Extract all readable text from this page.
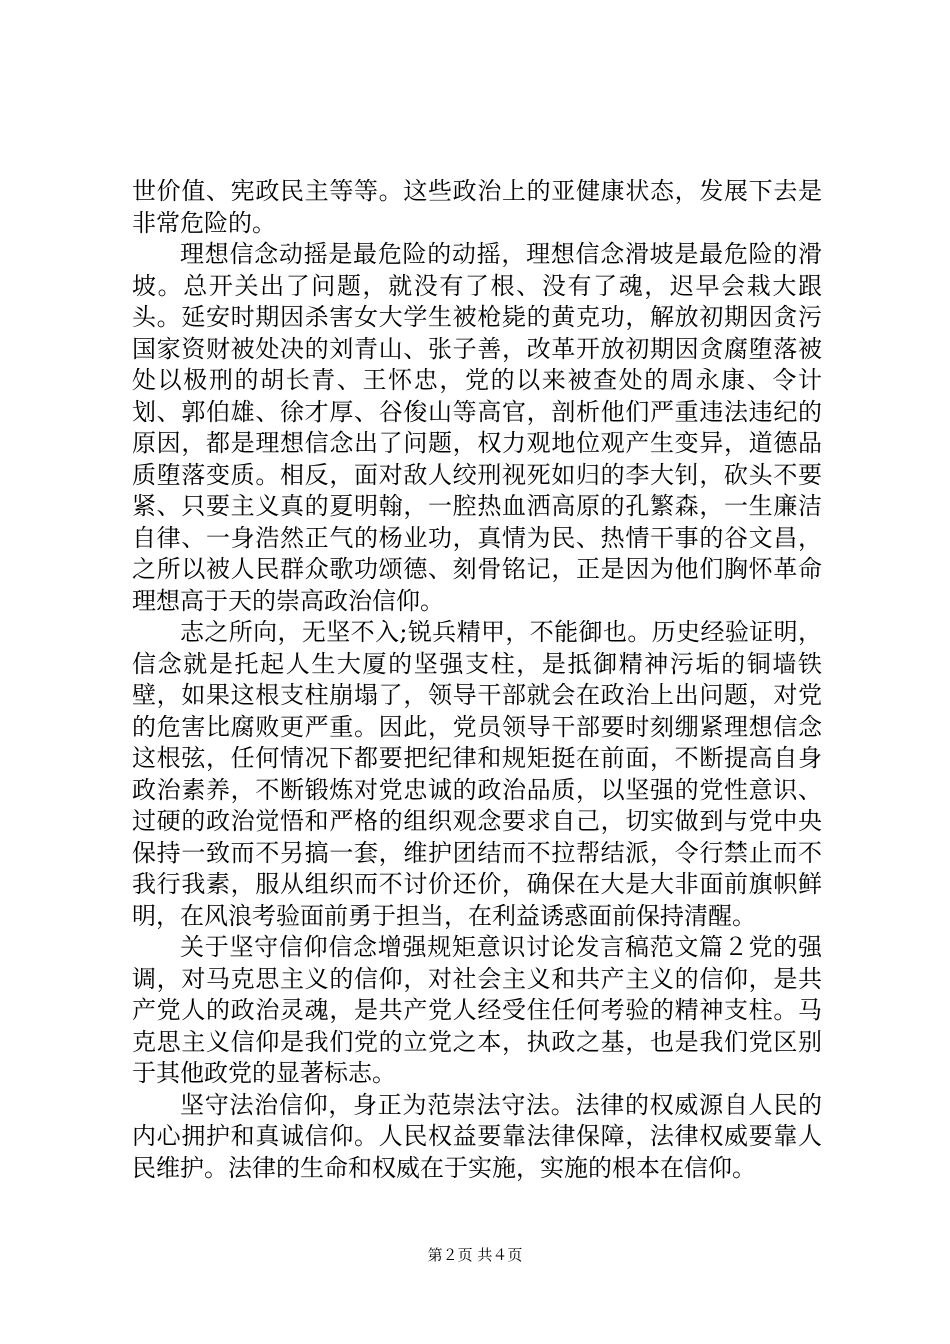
世价值、宪政民主等等。这些政治上的亚健康状态，发展下去是非常危险的。

理想信念动摇是最危险的动摇，理想信念滑坡是最危险的滑坡。总开关出了问题，就没有了根、没有了魂，迟早会栽大跟头。延安时期因杀害女大学生被枪毙的黄克功，解放初期因贪污国家资财被处决的刘青山、张子善，改革开放初期因贪腐堕落被处以极刑的胡长青、王怀忠，党的以来被查处的周永康、令计划、郭伯雄、徐才厚、谷俊山等高官，剖析他们严重违法违纪的原因，都是理想信念出了问题，权力观地位观产生变异，道德品质堕落变质。相反，面对敌人绞刑视死如归的李大钊，砍头不要紧、只要主义真的夏明翰，一腔热血洒高原的孔繁森，一生廉洁自律、一身浩然正气的杨业功，真情为民、热情干事的谷文昌，之所以被人民群众歌功颂德、刻骨铭记，正是因为他们胸怀革命理想高于天的崇高政治信仰。

志之所向，无坚不入;锐兵精甲，不能御也。历史经验证明，信念就是托起人生大厦的坚强支柱，是抵御精神污垢的铜墙铁壁，如果这根支柱崩塌了，领导干部就会在政治上出问题，对党的危害比腐败更严重。因此，党员领导干部要时刻绷紧理想信念这根弦，任何情况下都要把纪律和规矩挺在前面，不断提高自身政治素养，不断锻炼对党忠诚的政治品质，以坚强的党性意识、过硬的政治觉悟和严格的组织观念要求自己，切实做到与党中央保持一致而不另搞一套，维护团结而不拉帮结派，令行禁止而不我行我素，服从组织而不讨价还价，确保在大是大非面前旗帜鲜明，在风浪考验面前勇于担当，在利益诱惑面前保持清醒。

关于坚守信仰信念增强规矩意识讨论发言稿范文篇２党的强调，对马克思主义的信仰，对社会主义和共产主义的信仰，是共产党人的政治灵魂，是共产党人经受住任何考验的精神支柱。马克思主义信仰是我们党的立党之本，执政之基，也是我们党区别于其他政党的显著标志。

坚守法治信仰，身正为范崇法守法。法律的权威源自人民的内心拥护和真诚信仰。人民权益要靠法律保障，法律权威要靠人民维护。法律的生命和权威在于实施，实施的根本在信仰。

第２页 共４页
